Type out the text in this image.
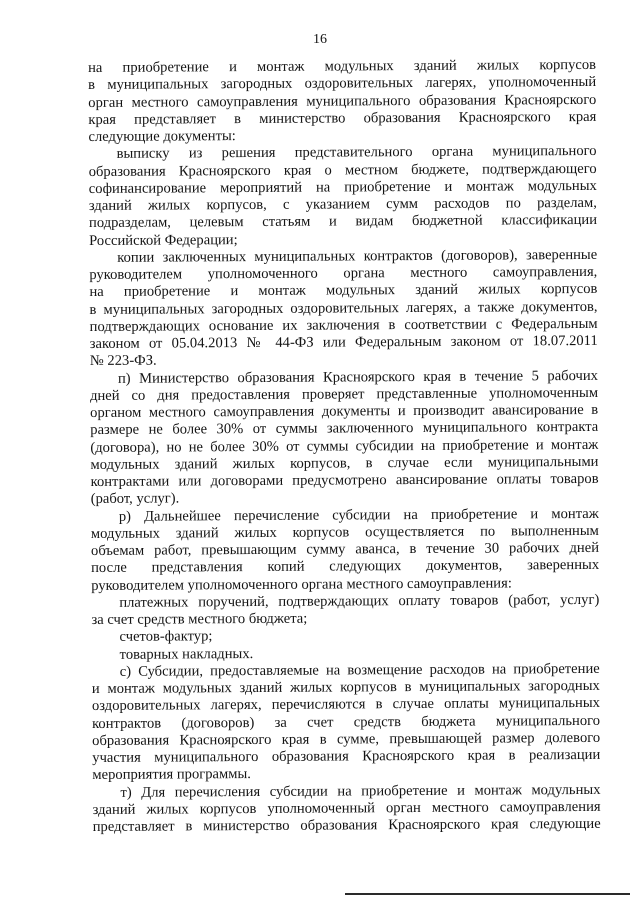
16
на приобретение и монтаж модульных зданий жилых корпусов
в муниципальных загородных оздоровительных лагерях, уполномоченный
орган местного самоуправления муниципального образования Красноярского
края представляет в министерство образования Красноярского края
следующие документы:
выписку из решения представительного органа муниципального
образования Красноярского края о местном бюджете, подтверждающего
софинансирование мероприятий на приобретение и монтаж модульных
зданий жилых корпусов, с указанием сумм расходов по разделам,
подразделам, целевым статьям и видам бюджетной классификации
Российской Федерации;
копии заключенных муниципальных контрактов (договоров), заверенные
руководителем уполномоченного органа местного самоуправления,
на приобретение и монтаж модульных зданий жилых корпусов
в муниципальных загородных оздоровительных лагерях, а также документов,
подтверждающих основание их заключения в соответствии с Федеральным
законом от 05.04.2013 № 44-ФЗ или Федеральным законом от 18.07.2011
№ 223-ФЗ.
п) Министерство образования Красноярского края в течение 5 рабочих
дней со дня предоставления проверяет представленные уполномоченным
органом местного самоуправления документы и производит авансирование в
размере не более 30% от суммы заключенного муниципального контракта
(договора), но не более 30% от суммы субсидии на приобретение и монтаж
модульных зданий жилых корпусов, в случае если муниципальными
контрактами или договорами предусмотрено авансирование оплаты товаров
(работ, услуг).
р) Дальнейшее перечисление субсидии на приобретение и монтаж
модульных зданий жилых корпусов осуществляется по выполненным
объемам работ, превышающим сумму аванса, в течение 30 рабочих дней
после представления копий следующих документов, заверенных
руководителем уполномоченного органа местного самоуправления:
платежных поручений, подтверждающих оплату товаров (работ, услуг)
за счет средств местного бюджета;
счетов-фактур;
товарных накладных.
с) Субсидии, предоставляемые на возмещение расходов на приобретение
и монтаж модульных зданий жилых корпусов в муниципальных загородных
оздоровительных лагерях, перечисляются в случае оплаты муниципальных
контрактов (договоров) за счет средств бюджета муниципального
образования Красноярского края в сумме, превышающей размер долевого
участия муниципального образования Красноярского края в реализации
мероприятия программы.
т) Для перечисления субсидии на приобретение и монтаж модульных
зданий жилых корпусов уполномоченный орган местного самоуправления
представляет в министерство образования Красноярского края следующие
